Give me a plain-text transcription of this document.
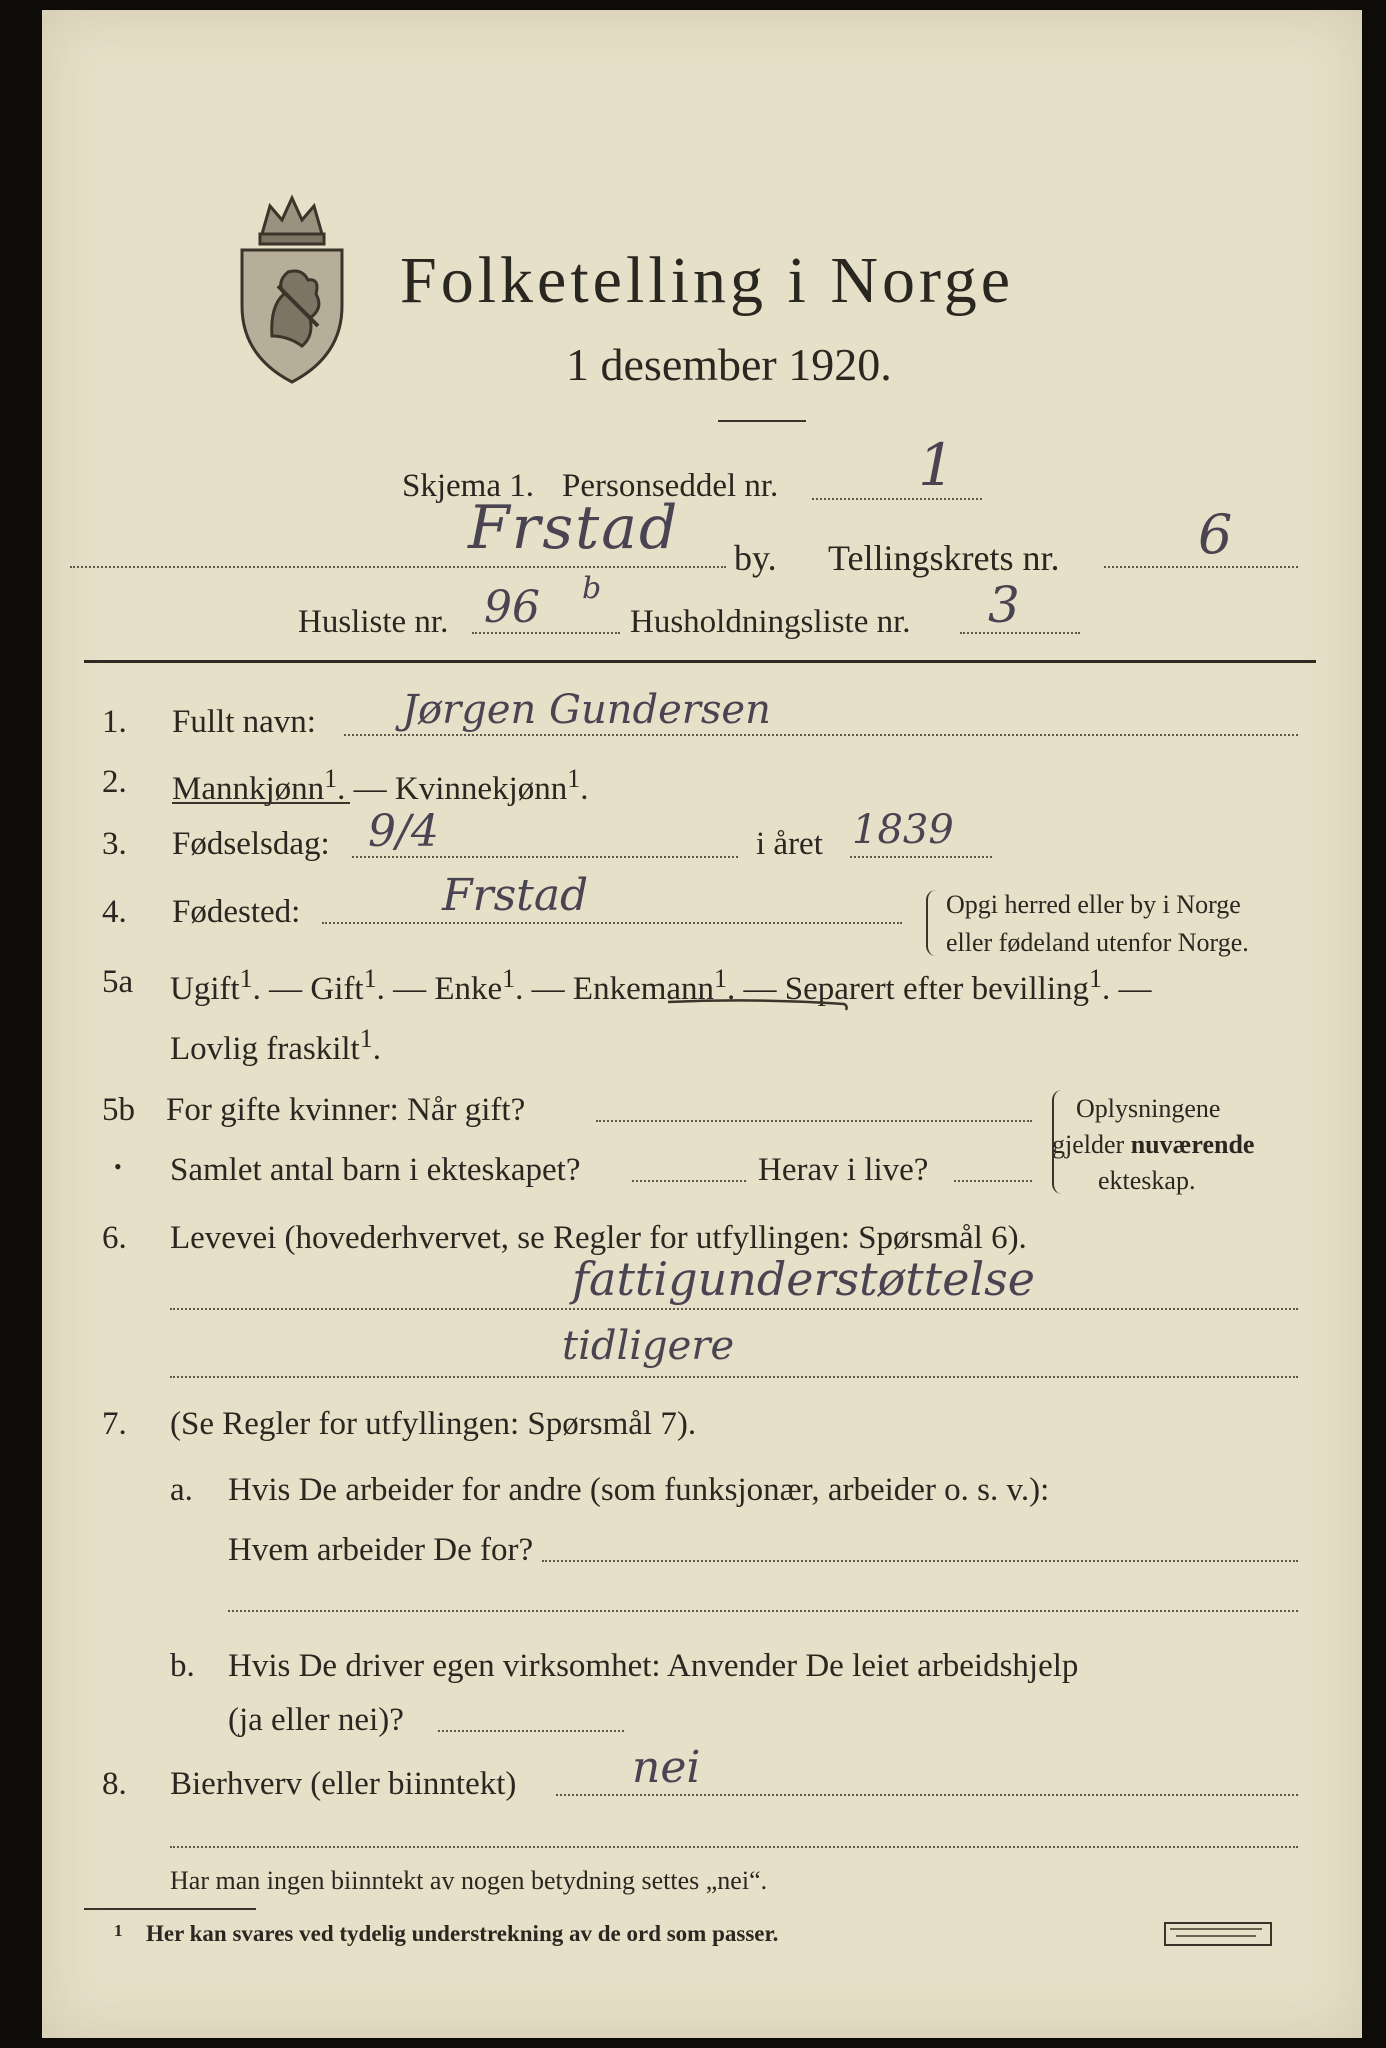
Folketelling i Norge
1 desember 1920.
Skjema 1. Personseddel nr. 1
Frstad by. Tellingskrets nr.	6
Husliste nr. 96 b
Husholdningsliste nr. 3
1. Fullt navn: Jørgen Gundersen
2. Mannkjønn$^1$. — Kvinnekjønn$^1$.
3. Fødselsdag: 9/4	i året 1839
4. Fødested:	Frstad	Opgi herred eller by i Norge
eller fødeland utenfor Norge.
5a Ugift$^1$. — Gift$^1$. — Enke$^1$. — Enkemann$^1$. — Separert efter bevilling$^1$. —
Lovlig fraskilt$^1$.
5b For gifte kvinner: Når gift?
• Samlet antal barn i ekteskapet?	Herav i live?
Oplysningene
gjelder nuværende
ekteskap.
6. Levevei (hovederhvervet, se Regler for utfyllingen: Spørsmål 6).
fattigunderstøttelse
tidligere
7. (Se Regler for utfyllingen: Spørsmål 7).
a. Hvis De arbeider for andre (som funksjonær, arbeider o. s. v.):
Hvem arbeider De for?
b. Hvis De driver egen virksomhet: Anvender De leiet arbeidshjelp
(ja eller nei)?
8. Bierhverv (eller biinntekt)	nei
Har man ingen biinntekt av nogen betydning settes „nei“.
1 Her kan svares ved tydelig understrekning av de ord som passer.
